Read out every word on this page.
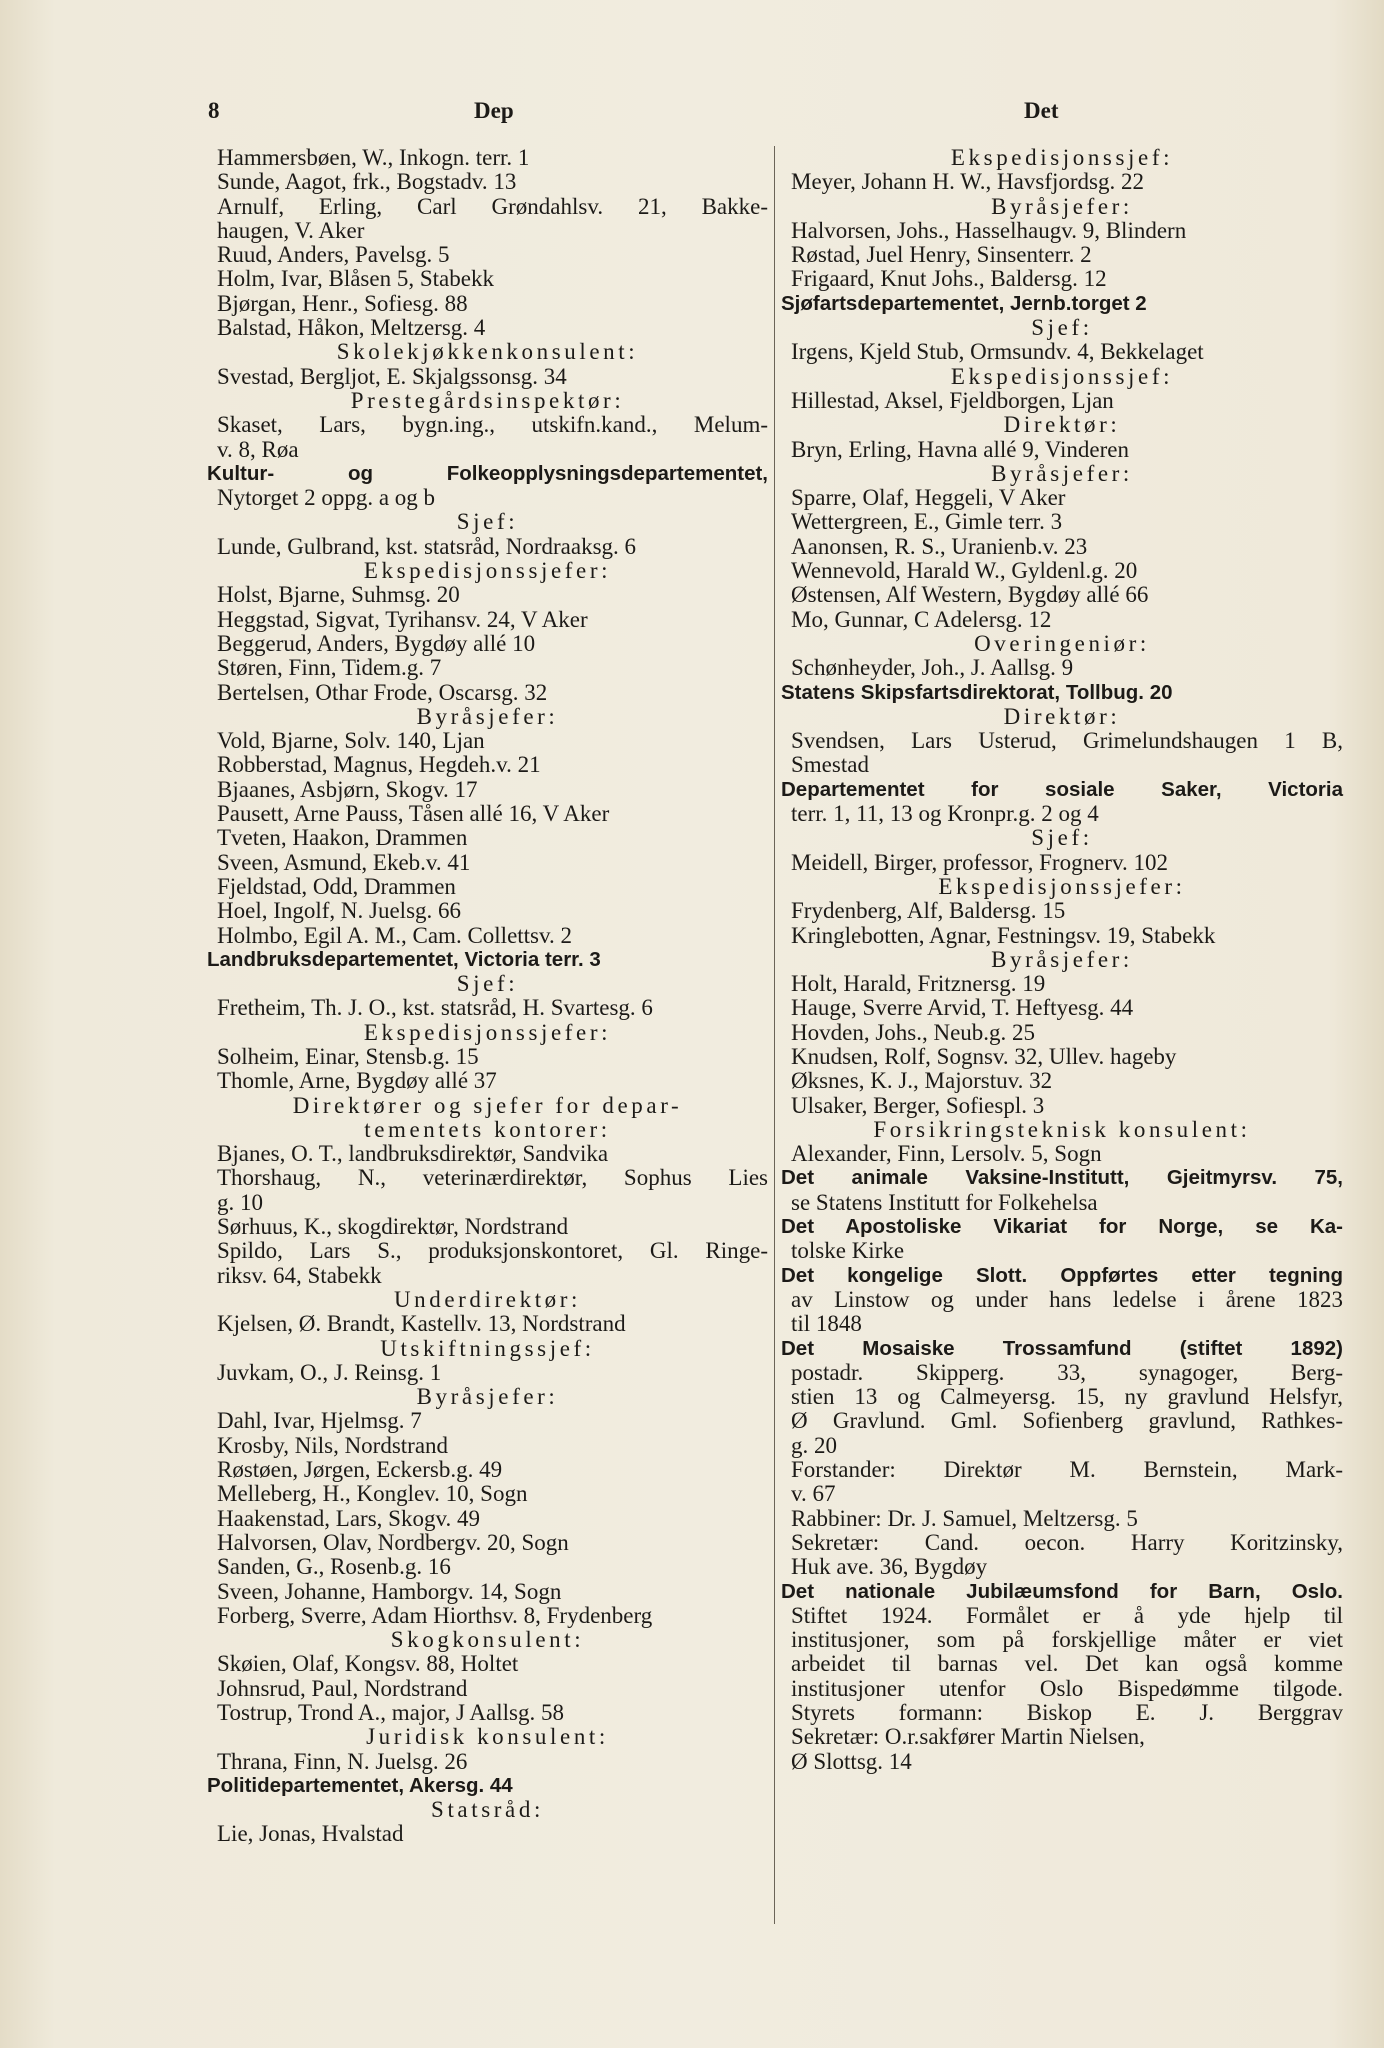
8	Dep	Det
Hammersbøen, W., Inkogn. terr. 1
Sunde, Aagot, frk., Bogstadv. 13
Arnulf, Erling, Carl Grøndahlsv. 21, Bakke-
haugen, V. Aker
Ruud, Anders, Pavelsg. 5
Holm, Ivar, Blåsen 5, Stabekk
Bjørgan, Henr., Sofiesg. 88
Balstad, Håkon, Meltzersg. 4
Skolekjøkkenkonsulent:
Svestad, Bergljot, E. Skjalgssonsg. 34
Prestegårdsinspektør:
Skaset, Lars, bygn.ing., utskifn.kand., Melum-
v. 8, Røa
Kultur- og Folkeopplysningsdepartementet,
Nytorget 2 oppg. a og b
Sjef:
Lunde, Gulbrand, kst. statsråd, Nordraaksg. 6
Ekspedisjonssjefer:
Holst, Bjarne, Suhmsg. 20
Heggstad, Sigvat, Tyrihansv. 24, V Aker
Beggerud, Anders, Bygdøy allé 10
Støren, Finn, Tidem.g. 7
Bertelsen, Othar Frode, Oscarsg. 32
Byråsjefer:
Vold, Bjarne, Solv. 140, Ljan
Robberstad, Magnus, Hegdeh.v. 21
Bjaanes, Asbjørn, Skogv. 17
Pausett, Arne Pauss, Tåsen allé 16, V Aker
Tveten, Haakon, Drammen
Sveen, Asmund, Ekeb.v. 41
Fjeldstad, Odd, Drammen
Hoel, Ingolf, N. Juelsg. 66
Holmbo, Egil A. M., Cam. Collettsv. 2
Landbruksdepartementet, Victoria terr. 3
Sjef:
Fretheim, Th. J. O., kst. statsråd, H. Svartesg. 6
Ekspedisjonssjefer:
Solheim, Einar, Stensb.g. 15
Thomle, Arne, Bygdøy allé 37
Direktører og sjefer for depar-
tementets kontorer:
Bjanes, O. T., landbruksdirektør, Sandvika
Thorshaug, N., veterinærdirektør, Sophus Lies
g. 10
Sørhuus, K., skogdirektør, Nordstrand
Spildo, Lars S., produksjonskontoret, Gl. Ringe-
riksv. 64, Stabekk
Underdirektør:
Kjelsen, Ø. Brandt, Kastellv. 13, Nordstrand
Utskiftningssjef:
Juvkam, O., J. Reinsg. 1
Byråsjefer:
Dahl, Ivar, Hjelmsg. 7
Krosby, Nils, Nordstrand
Røstøen, Jørgen, Eckersb.g. 49
Melleberg, H., Konglev. 10, Sogn
Haakenstad, Lars, Skogv. 49
Halvorsen, Olav, Nordbergv. 20, Sogn
Sanden, G., Rosenb.g. 16
Sveen, Johanne, Hamborgv. 14, Sogn
Forberg, Sverre, Adam Hiorthsv. 8, Frydenberg
Skogkonsulent:
Skøien, Olaf, Kongsv. 88, Holtet
Johnsrud, Paul, Nordstrand
Tostrup, Trond A., major, J Aallsg. 58
Juridisk konsulent:
Thrana, Finn, N. Juelsg. 26
Politidepartementet, Akersg. 44
Statsråd:
Lie, Jonas, Hvalstad
Ekspedisjonssjef:
Meyer, Johann H. W., Havsfjordsg. 22
Byråsjefer:
Halvorsen, Johs., Hasselhaugv. 9, Blindern
Røstad, Juel Henry, Sinsenterr. 2
Frigaard, Knut Johs., Baldersg. 12
Sjøfartsdepartementet, Jernb.torget 2
Sjef:
Irgens, Kjeld Stub, Ormsundv. 4, Bekkelaget
Ekspedisjonssjef:
Hillestad, Aksel, Fjeldborgen, Ljan
Direktør:
Bryn, Erling, Havna allé 9, Vinderen
Byråsjefer:
Sparre, Olaf, Heggeli, V Aker
Wettergreen, E., Gimle terr. 3
Aanonsen, R. S., Uranienb.v. 23
Wennevold, Harald W., Gyldenl.g. 20
Østensen, Alf Western, Bygdøy allé 66
Mo, Gunnar, C Adelersg. 12
Overingeniør:
Schønheyder, Joh., J. Aallsg. 9
Statens Skipsfartsdirektorat, Tollbug. 20
Direktør:
Svendsen, Lars Usterud, Grimelundshaugen 1 B,
Smestad
Departementet for sosiale Saker, Victoria
terr. 1, 11, 13 og Kronpr.g. 2 og 4
Sjef:
Meidell, Birger, professor, Frognerv. 102
Ekspedisjonssjefer:
Frydenberg, Alf, Baldersg. 15
Kringlebotten, Agnar, Festningsv. 19, Stabekk
Byråsjefer:
Holt, Harald, Fritznersg. 19
Hauge, Sverre Arvid, T. Heftyesg. 44
Hovden, Johs., Neub.g. 25
Knudsen, Rolf, Sognsv. 32, Ullev. hageby
Øksnes, K. J., Majorstuv. 32
Ulsaker, Berger, Sofiespl. 3
Forsikringsteknisk konsulent:
Alexander, Finn, Lersolv. 5, Sogn
Det animale Vaksine-Institutt, Gjeitmyrsv. 75,
se Statens Institutt for Folkehelsa
Det Apostoliske Vikariat for Norge, se Ka-
tolske Kirke
Det kongelige Slott. Oppførtes etter tegning
av Linstow og under hans ledelse i årene 1823
til 1848
Det Mosaiske Trossamfund (stiftet 1892)
postadr. Skipperg. 33, synagoger, Berg-
stien 13 og Calmeyersg. 15, ny gravlund Helsfyr,
Ø Gravlund. Gml. Sofienberg gravlund, Rathkes-
g. 20
Forstander: Direktør M. Bernstein, Mark-
v. 67
Rabbiner: Dr. J. Samuel, Meltzersg. 5
Sekretær: Cand. oecon. Harry Koritzinsky,
Huk ave. 36, Bygdøy
Det nationale Jubilæumsfond for Barn, Oslo.
Stiftet 1924. Formålet er å yde hjelp til
institusjoner, som på forskjellige måter er viet
arbeidet til barnas vel. Det kan også komme
institusjoner utenfor Oslo Bispedømme tilgode.
Styrets formann: Biskop E. J. Berggrav
Sekretær: O.r.sakfører Martin Nielsen,
Ø Slottsg. 14
